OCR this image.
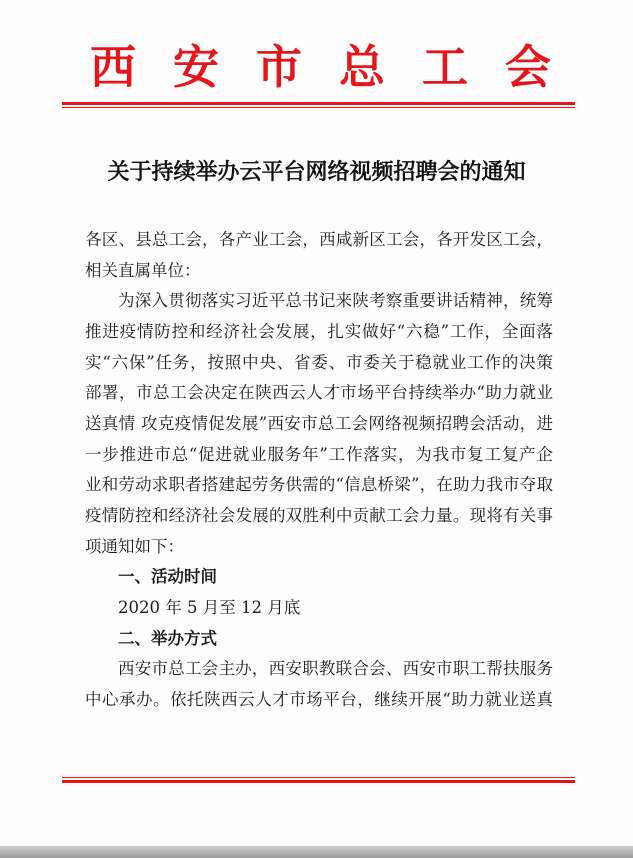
西安市总工会
关于持续举办云平台网络视频招聘会的通知
各区、县总工会，各产业工会，西咸新区工会，各开发区工会，
相关直属单位：
为深入贯彻落实习近平总书记来陕考察重要讲话精神，统筹
推进疫情防控和经济社会发展，扎实做好“六稳”工作，全面落
实“六保”任务，按照中央、省委、市委关于稳就业工作的决策
部署，市总工会决定在陕西云人才市场平台持续举办“助力就业
送真情 攻克疫情促发展”西安市总工会网络视频招聘会活动，进
一步推进市总“促进就业服务年”工作落实，为我市复工复产企
业和劳动求职者搭建起劳务供需的“信息桥梁”，在助力我市夺取
疫情防控和经济社会发展的双胜利中贡献工会力量。现将有关事
项通知如下：
一、活动时间
2020 年 5 月至 12 月底
二、举办方式
西安市总工会主办，西安职教联合会、西安市职工帮扶服务
中心承办。依托陕西云人才市场平台，继续开展“助力就业送真
